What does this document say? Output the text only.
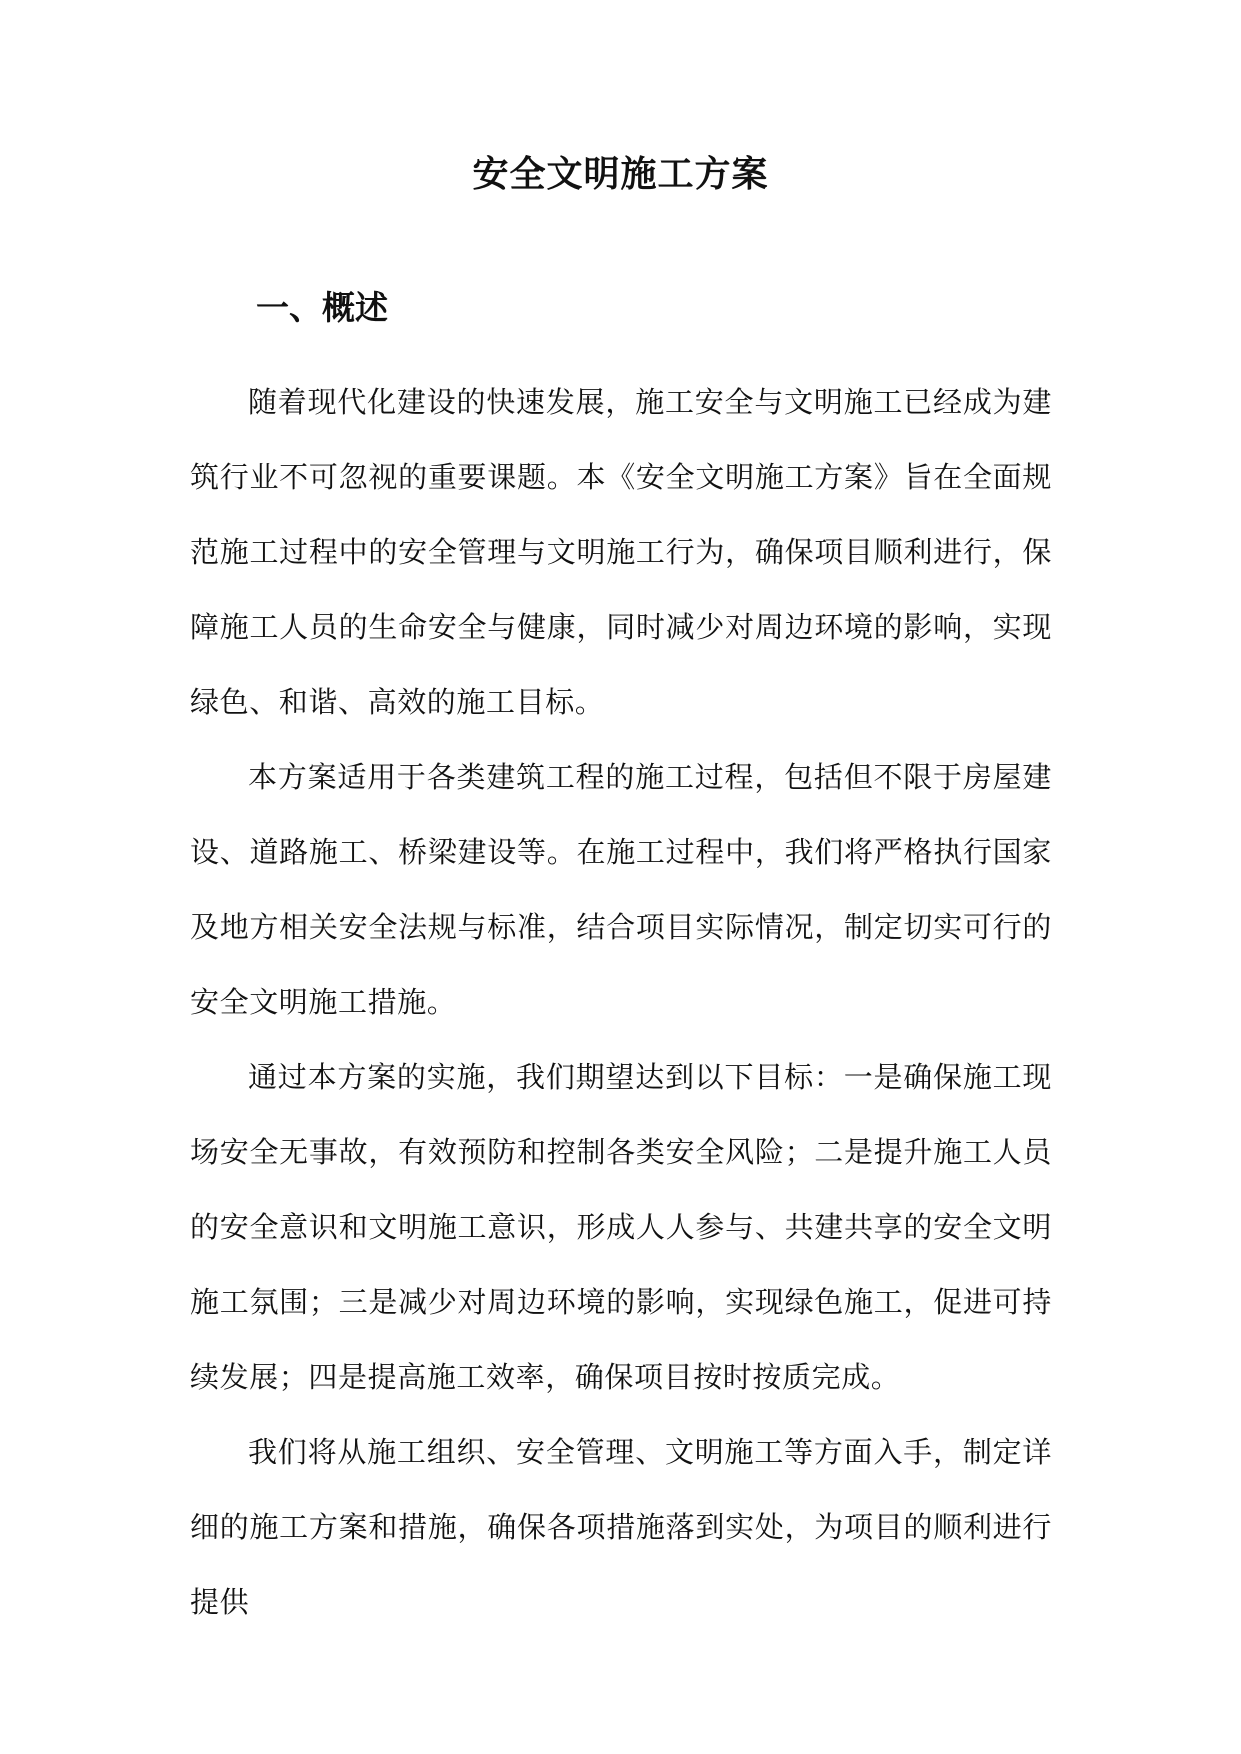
安全文明施工方案
一、概述

随着现代化建设的快速发展，施工安全与文明施工已经成为建筑行业不可忽视的重要课题。本《安全文明施工方案》旨在全面规范施工过程中的安全管理与文明施工行为，确保项目顺利进行，保障施工人员的生命安全与健康，同时减少对周边环境的影响，实现绿色、和谐、高效的施工目标。

本方案适用于各类建筑工程的施工过程，包括但不限于房屋建设、道路施工、桥梁建设等。在施工过程中，我们将严格执行国家及地方相关安全法规与标准，结合项目实际情况，制定切实可行的安全文明施工措施。

通过本方案的实施，我们期望达到以下目标：一是确保施工现场安全无事故，有效预防和控制各类安全风险；二是提升施工人员的安全意识和文明施工意识，形成人人参与、共建共享的安全文明施工氛围；三是减少对周边环境的影响，实现绿色施工，促进可持续发展；四是提高施工效率，确保项目按时按质完成。

我们将从施工组织、安全管理、文明施工等方面入手，制定详细的施工方案和措施，确保各项措施落到实处，为项目的顺利进行提供
